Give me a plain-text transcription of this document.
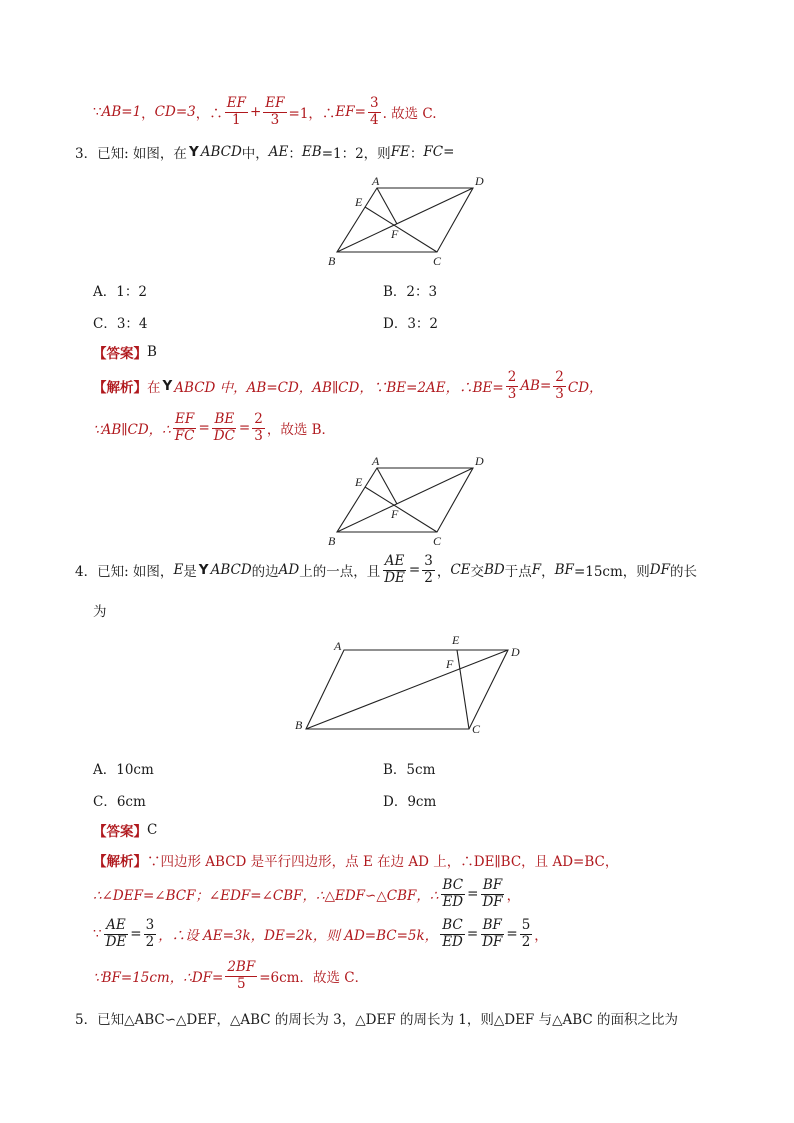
∵ AB=1 ， CD=3 ，∴ $\frac{EF}{1} + \frac{EF}{3} =1$，∴ $EF= \frac{3}{4}$ . 故选 C.
3． 已知: 如图，在 Y ABCD 中， AE ： EB =1：2，则 FE ： FC =
A	D
E
F
B	C
A．1：2	B．2：3
C．3：4	D．3：2
【答案】 B
【解析】 在 Y ABCD 中，AB=CD，AB∥CD，∵BE=2AE，∴BE= $\frac{2}{3} AB= \frac{2}{3}$ CD，
∵AB∥CD，∴ $\frac{EF}{FC} = \frac{BE}{DC} = \frac{2}{3}$ ，故选 B．
A	D
E
F
B	C
4． 已知: 如图， E 是 Y ABCD 的边 AD 上的一点，且 $\frac{AE}{DE} = \frac{3}{2}$ ， CE 交 BD 于点 F ， BF =15cm，则 DF 的长
为
A	E
D
F
B	C
A．10cm	B．5cm
C．6cm	D．9cm
【答案】 C
【解析】 ∵四边形 ABCD 是平行四边形，点 E 在边 AD 上，∴DE∥BC，且 AD=BC，
∴∠DEF=∠BCF；∠EDF=∠CBF，∴△EDF∽△CBF，∴ $\frac{BC}{ED} = \frac{BF}{DF}$ ，
∵ $\frac{AE}{DE} = \frac{3}{2}$ ，∴设 AE=3k，DE=2k，则 AD=BC=5k， $\frac{BC}{ED} = \frac{BF}{DF} = \frac{5}{2}$ ，
∵BF=15cm，∴DF= $\frac{2BF}{5} =6cm$．故选 C．
5． 已知△ABC∽△DEF，△ABC 的周长为 3，△DEF 的周长为 1，则△DEF 与△ABC 的面积之比为
